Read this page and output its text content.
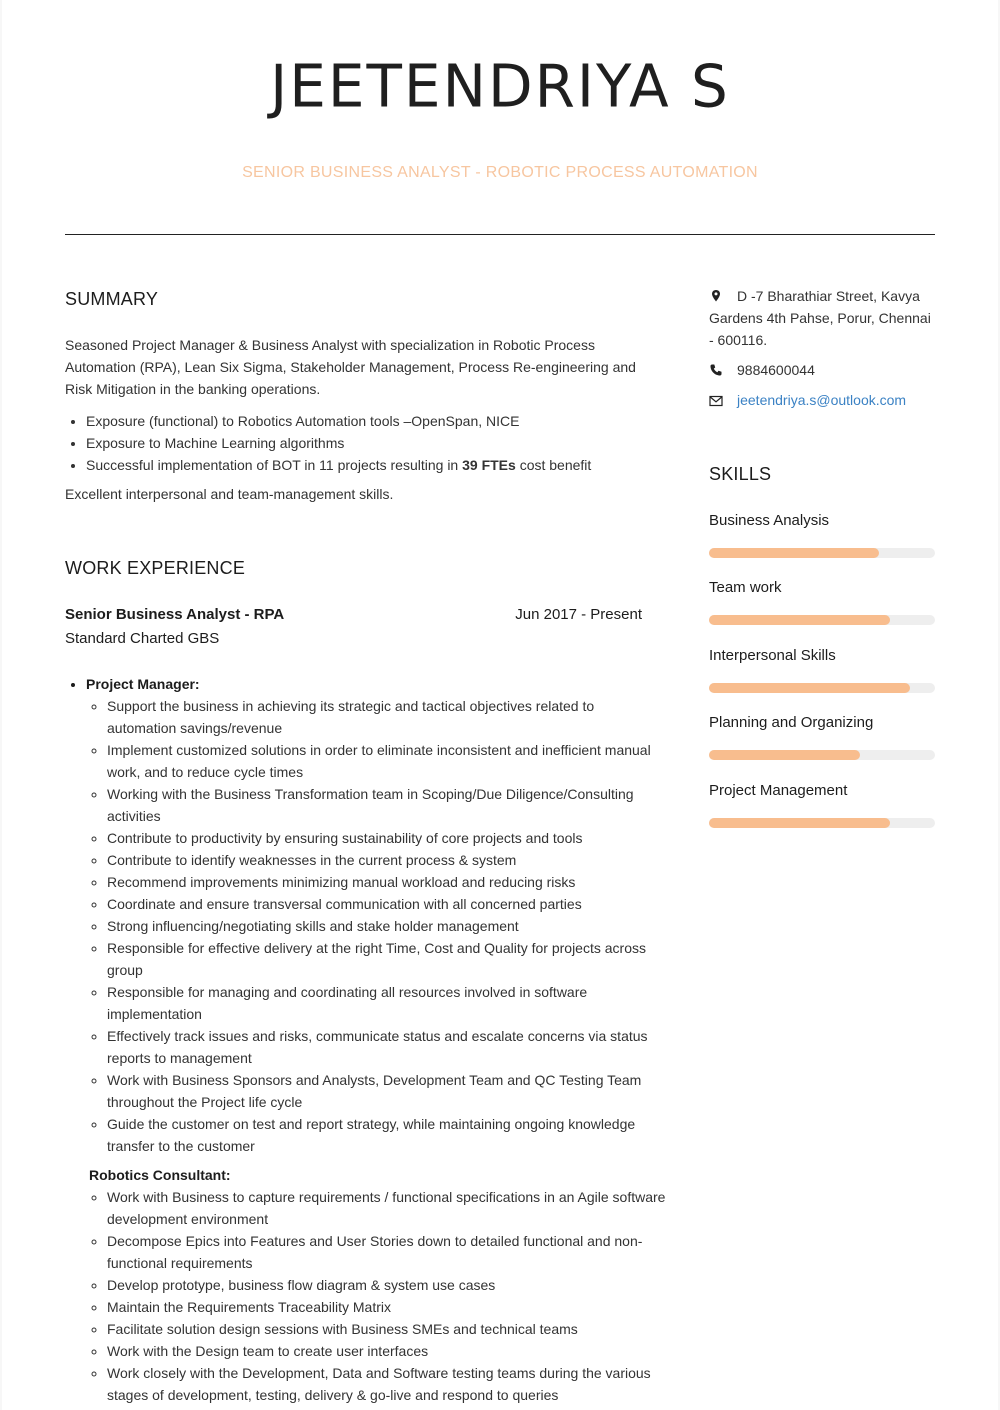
JEETENDRIYA S
SENIOR BUSINESS ANALYST - ROBOTIC PROCESS AUTOMATION
SUMMARY
Seasoned Project Manager & Business Analyst with specialization in Robotic Process Automation (RPA), Lean Six Sigma, Stakeholder Management, Process Re-engineering and Risk Mitigation in the banking operations.
• Exposure (functional) to Robotics Automation tools –OpenSpan, NICE
• Exposure to Machine Learning algorithms
• Successful implementation of BOT in 11 projects resulting in 39 FTEs cost benefit
Excellent interpersonal and team-management skills.
WORK EXPERIENCE
Senior Business Analyst - RPA	Jun 2017 - Present
Standard Charted GBS
• Project Manager:
◦ Support the business in achieving its strategic and tactical objectives related to automation savings/revenue
◦ Implement customized solutions in order to eliminate inconsistent and inefficient manual work, and to reduce cycle times
◦ Working with the Business Transformation team in Scoping/Due Diligence/Consulting activities
◦ Contribute to productivity by ensuring sustainability of core projects and tools
◦ Contribute to identify weaknesses in the current process & system
◦ Recommend improvements minimizing manual workload and reducing risks
◦ Coordinate and ensure transversal communication with all concerned parties
◦ Strong influencing/negotiating skills and stake holder management
◦ Responsible for effective delivery at the right Time, Cost and Quality for projects across group
◦ Responsible for managing and coordinating all resources involved in software implementation
◦ Effectively track issues and risks, communicate status and escalate concerns via status reports to management
◦ Work with Business Sponsors and Analysts, Development Team and QC Testing Team throughout the Project life cycle
◦ Guide the customer on test and report strategy, while maintaining ongoing knowledge transfer to the customer
Robotics Consultant:
◦ Work with Business to capture requirements / functional specifications in an Agile software development environment
◦ Decompose Epics into Features and User Stories down to detailed functional and non-functional requirements
◦ Develop prototype, business flow diagram & system use cases
◦ Maintain the Requirements Traceability Matrix
◦ Facilitate solution design sessions with Business SMEs and technical teams
◦ Work with the Design team to create user interfaces
◦ Work closely with the Development, Data and Software testing teams during the various stages of development, testing, delivery & go-live and respond to queries
D -7 Bharathiar Street, Kavya Gardens 4th Pahse, Porur, Chennai - 600116.
9884600044
jeetendriya.s@outlook.com
SKILLS
Business Analysis
Team work
Interpersonal Skills
Planning and Organizing
Project Management
